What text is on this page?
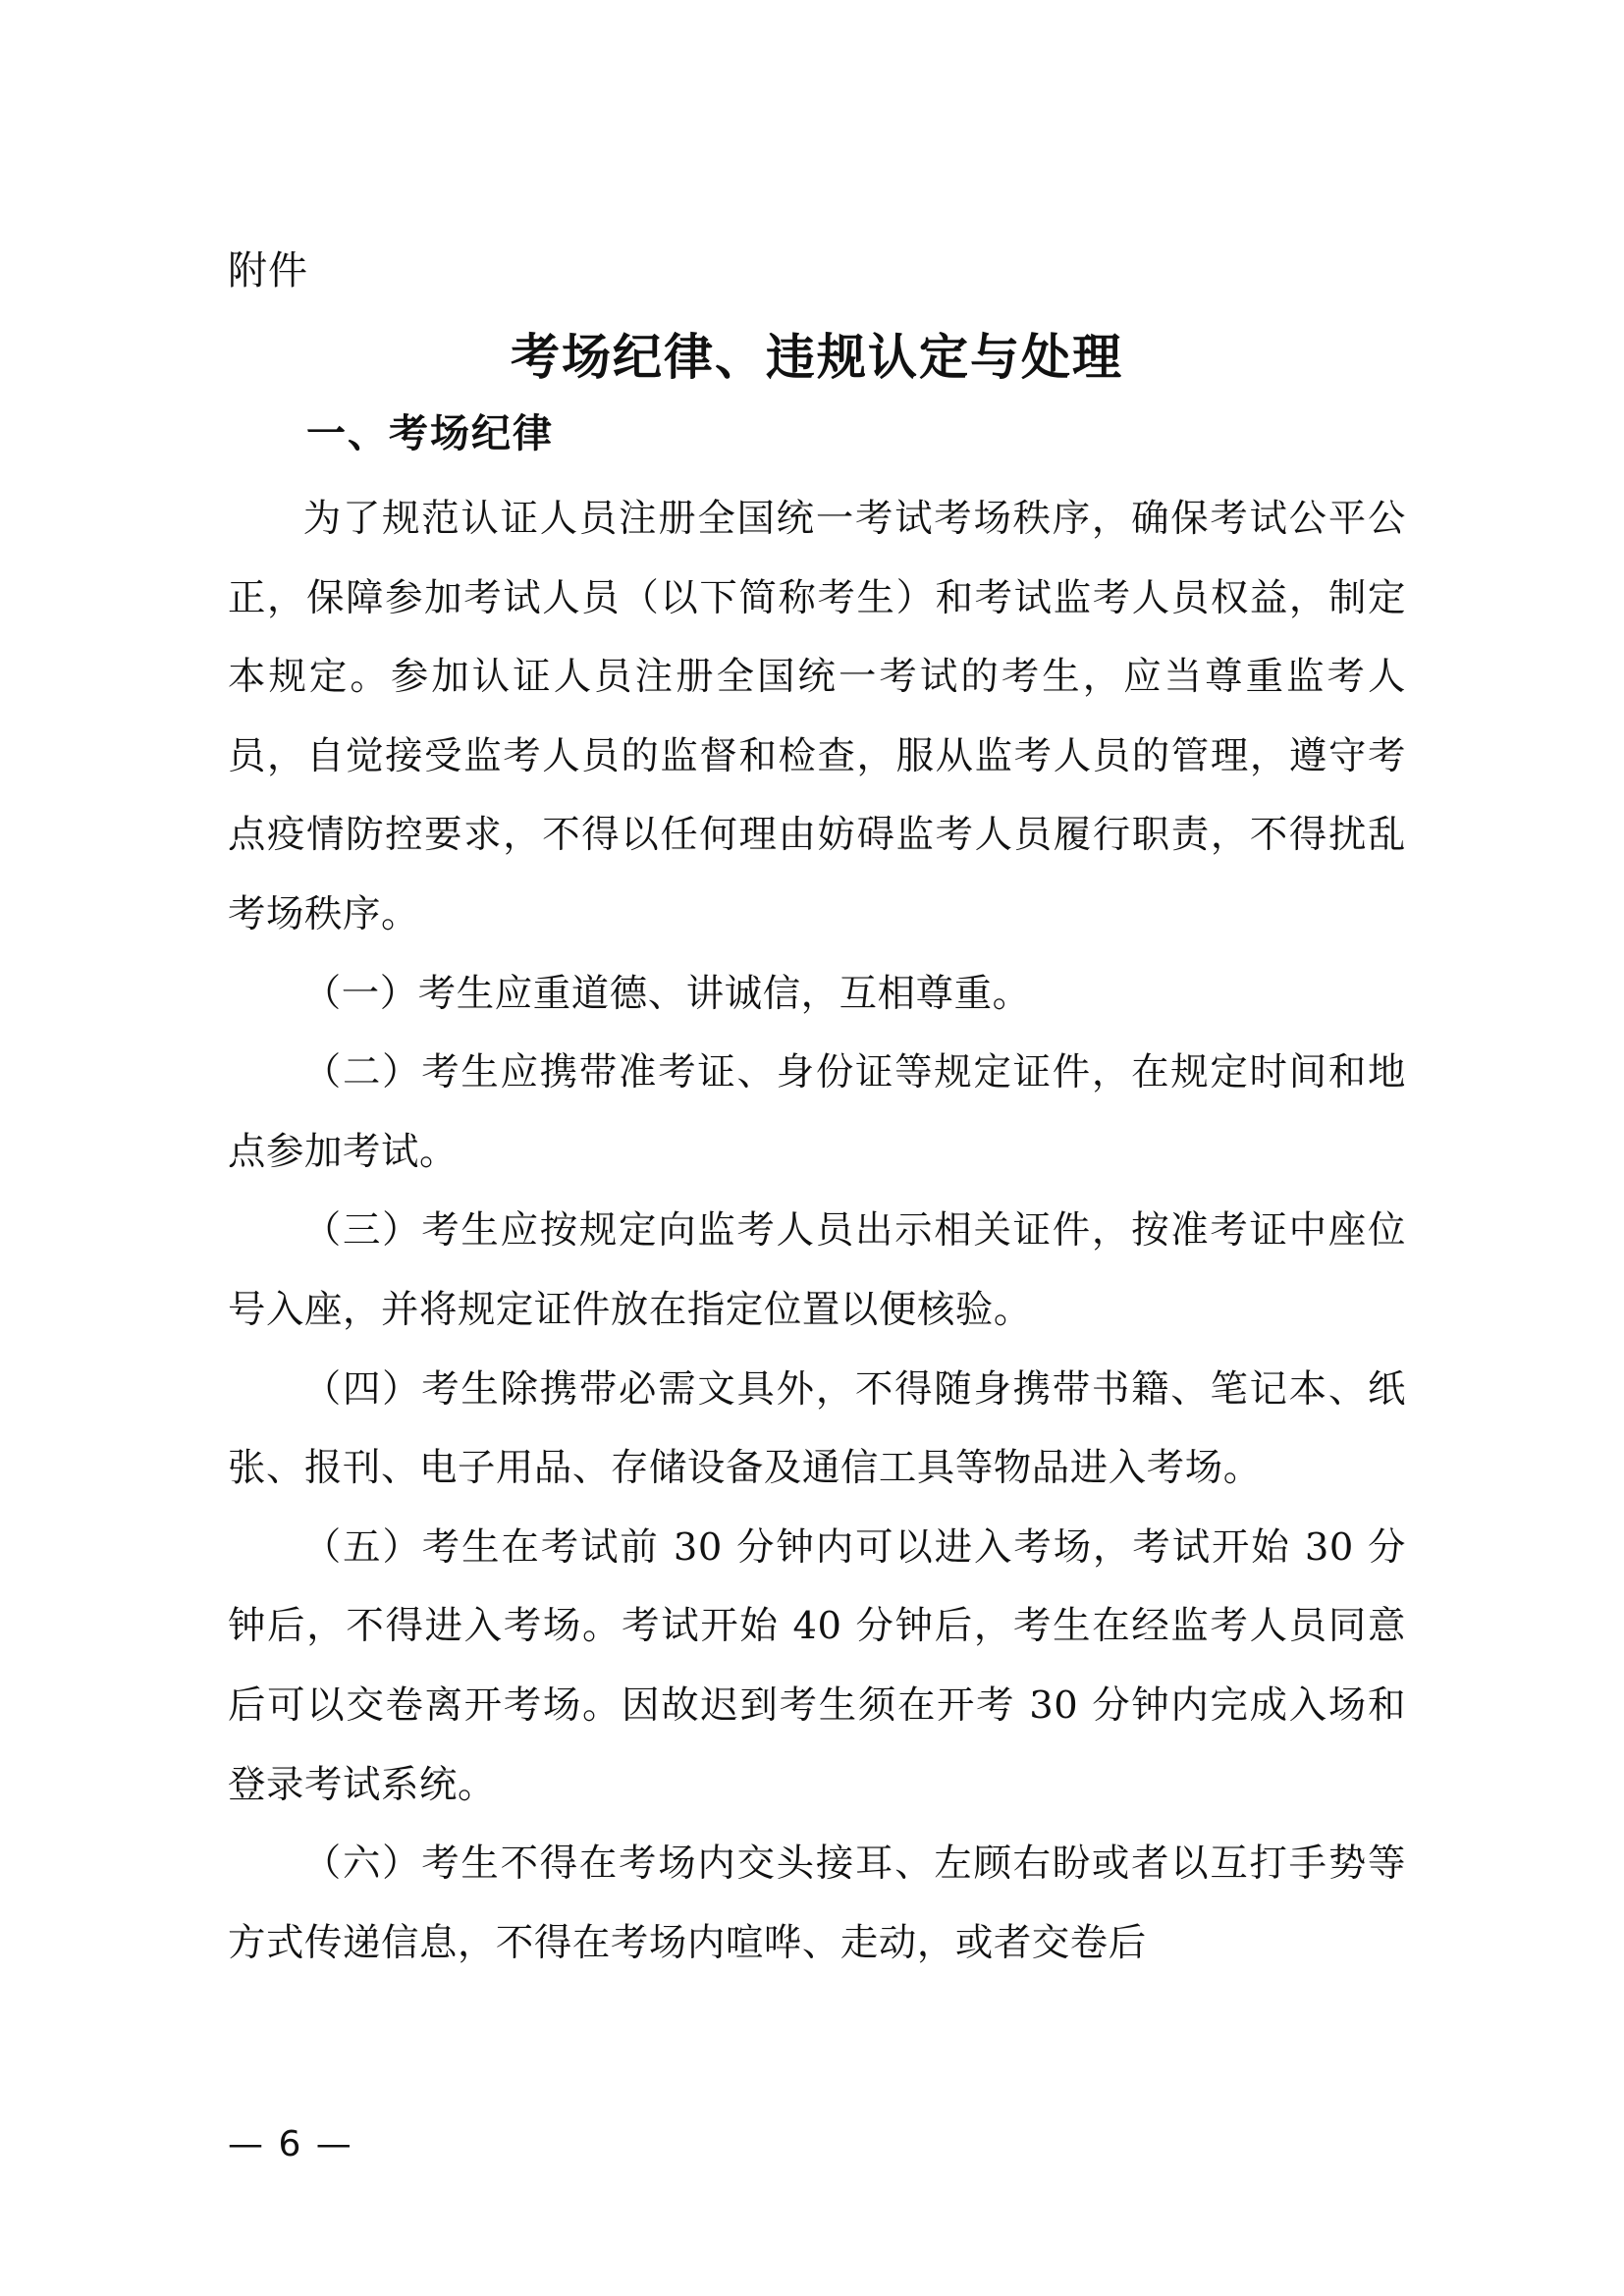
附件
考场纪律、违规认定与处理
一、考场纪律

为了规范认证人员注册全国统一考试考场秩序，确保考试公平公正，保障参加考试人员（以下简称考生）和考试监考人员权益，制定本规定。参加认证人员注册全国统一考试的考生，应当尊重监考人员，自觉接受监考人员的监督和检查，服从监考人员的管理，遵守考点疫情防控要求，不得以任何理由妨碍监考人员履行职责，不得扰乱考场秩序。

（一）考生应重道德、讲诚信，互相尊重。

（二）考生应携带准考证、身份证等规定证件，在规定时间和地点参加考试。

（三）考生应按规定向监考人员出示相关证件，按准考证中座位号入座，并将规定证件放在指定位置以便核验。

（四）考生除携带必需文具外，不得随身携带书籍、笔记本、纸张、报刊、电子用品、存储设备及通信工具等物品进入考场。

（五）考生在考试前 30 分钟内可以进入考场，考试开始 30 分钟后，不得进入考场。考试开始 40 分钟后，考生在经监考人员同意后可以交卷离开考场。因故迟到考生须在开考 30 分钟内完成入场和登录考试系统。

（六）考生不得在考场内交头接耳、左顾右盼或者以互打手势等方式传递信息，不得在考场内喧哗、走动，或者交卷后

— 6 —
